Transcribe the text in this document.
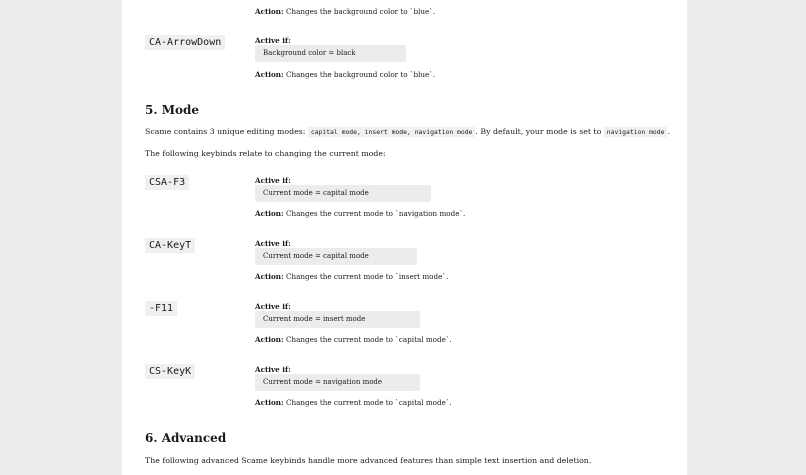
Action: Changes the background color to `blue`.
CA-ArrowDown	Active if:
Background color = black
Action: Changes the background color to `blue`.
5. Mode
Scame contains 3 unique editing modes: capital mode, insert mode, navigation mode . By default, your mode is set to navigation mode .
The following keybinds relate to changing the current mode:
CSA-F3	Active if:
Current mode = capital mode
Action: Changes the current mode to `navigation mode`.
CA-KeyT	Active if:
Current mode = capital mode
Action: Changes the current mode to `insert mode`.
-F11	Active if:
Current mode = insert mode
Action: Changes the current mode to `capital mode`.
CS-KeyK	Active if:
Current mode = navigation mode
Action: Changes the current mode to `capital mode`.
6. Advanced
The following advanced Scame keybinds handle more advanced features than simple text insertion and deletion.
